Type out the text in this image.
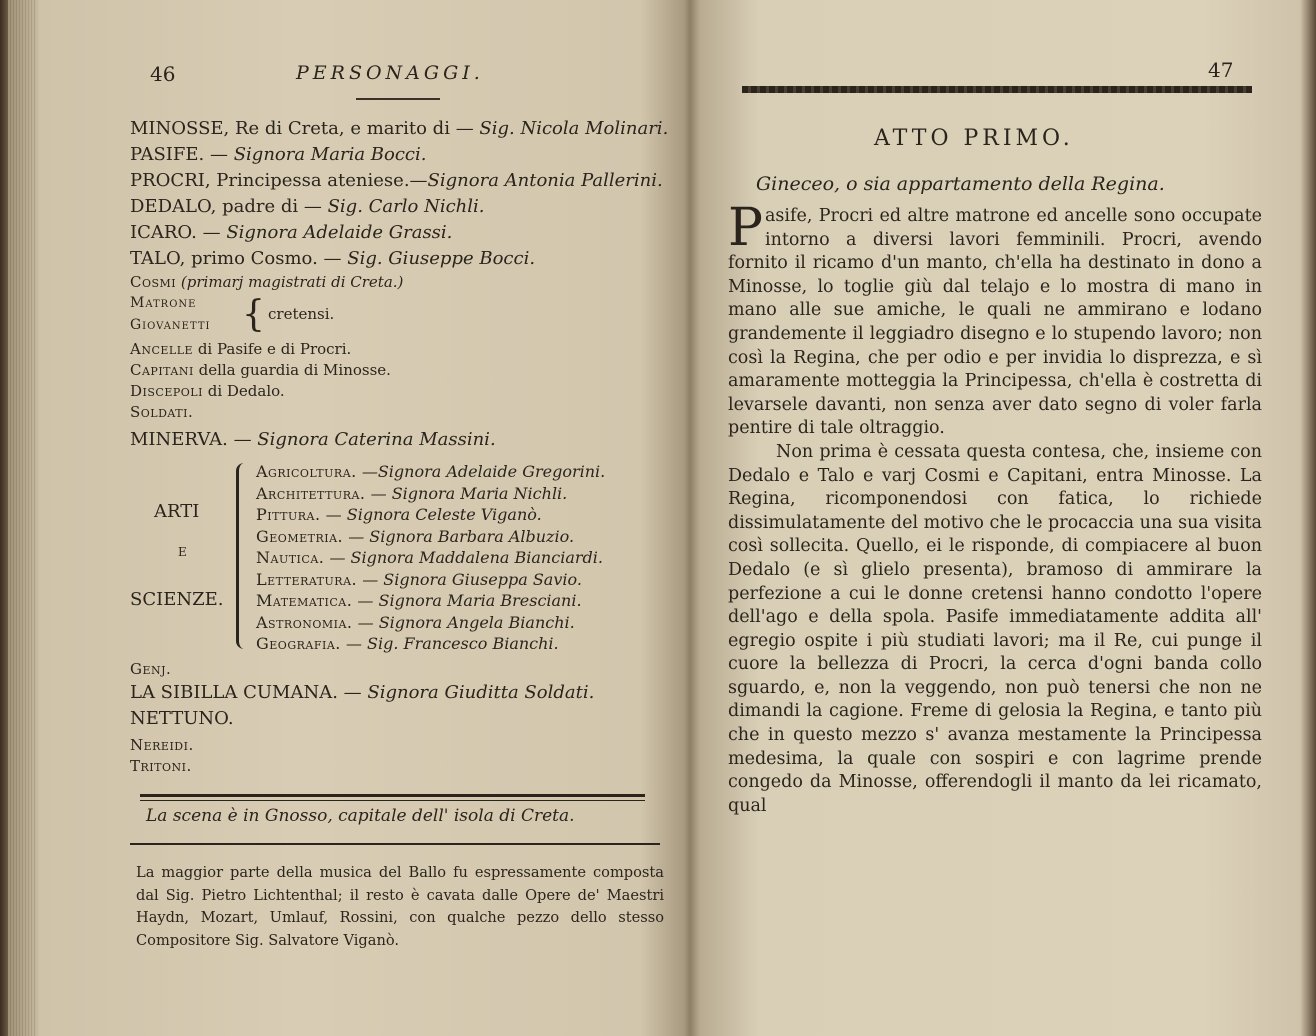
46	PERSONAGGI.
MINOSSE, Re di Creta, e marito di — Sig. Nicola Molinari.
PASIFE. — Signora Maria Bocci.
PROCRI, Principessa ateniese.—Signora Antonia Pallerini.
DEDALO, padre di — Sig. Carlo Nichli.
ICARO. — Signora Adelaide Grassi.
TALO, primo Cosmo. — Sig. Giuseppe Bocci.
Cosmi (primarj magistrati di Creta.)
Matrone
Giovanetti { cretensi.
Ancelle di Pasife e di Procri.
Capitani della guardia di Minosse.
Discepoli di Dedalo.
Soldati.
MINERVA. — Signora Caterina Massini.
ARTI
E
SCIENZE.
Agricoltura. —Signora Adelaide Gregorini.
Architettura. — Signora Maria Nichli.
Pittura. — Signora Celeste Viganò.
Geometria. — Signora Barbara Albuzio.
Nautica. — Signora Maddalena Bianciardi.
Letteratura. — Signora Giuseppa Savio.
Matematica. — Signora Maria Bresciani.
Astronomia. — Signora Angela Bianchi.
Geografia. — Sig. Francesco Bianchi.
Genj.
LA SIBILLA CUMANA. — Signora Giuditta Soldati.
NETTUNO.
Nereidi.
Tritoni.
La scena è in Gnosso, capitale dell' isola di Creta.
La maggior parte della musica del Ballo fu espressamente composta dal Sig. Pietro Lichtenthal; il resto è cavata dalle Opere de' Maestri Haydn, Mozart, Umlauf, Rossini, con qualche pezzo dello stesso Compositore Sig. Salvatore Viganò.
47
ATTO PRIMO.
Gineceo, o sia appartamento della Regina.

Pasife, Procri ed altre matrone ed ancelle sono occupate intorno a diversi lavori femminili. Procri, avendo fornito il ricamo d'un manto, ch'ella ha destinato in dono a Minosse, lo toglie giù dal telajo e lo mostra di mano in mano alle sue amiche, le quali ne ammirano e lodano grandemente il leggiadro disegno e lo stupendo lavoro; non così la Regina, che per odio e per invidia lo disprezza, e sì amaramente motteggia la Principessa, ch'ella è costretta di levarsele davanti, non senza aver dato segno di voler farla pentire di tale oltraggio.

Non prima è cessata questa contesa, che, insieme con Dedalo e Talo e varj Cosmi e Capitani, entra Minosse. La Regina, ricomponendosi con fatica, lo richiede dissimulatamente del motivo che le procaccia una sua visita così sollecita. Quello, ei le risponde, di compiacere al buon Dedalo (e sì glielo presenta), bramoso di ammirare la perfezione a cui le donne cretensi hanno condotto l'opere dell'ago e della spola. Pasife immediatamente addita all' egregio ospite i più studiati lavori; ma il Re, cui punge il cuore la bellezza di Procri, la cerca d'ogni banda collo sguardo, e, non la veggendo, non può tenersi che non ne dimandi la cagione. Freme di gelosia la Regina, e tanto più che in questo mezzo s' avanza mestamente la Principessa medesima, la quale con sospiri e con lagrime prende congedo da Minosse, offerendogli il manto da lei ricamato, qual
